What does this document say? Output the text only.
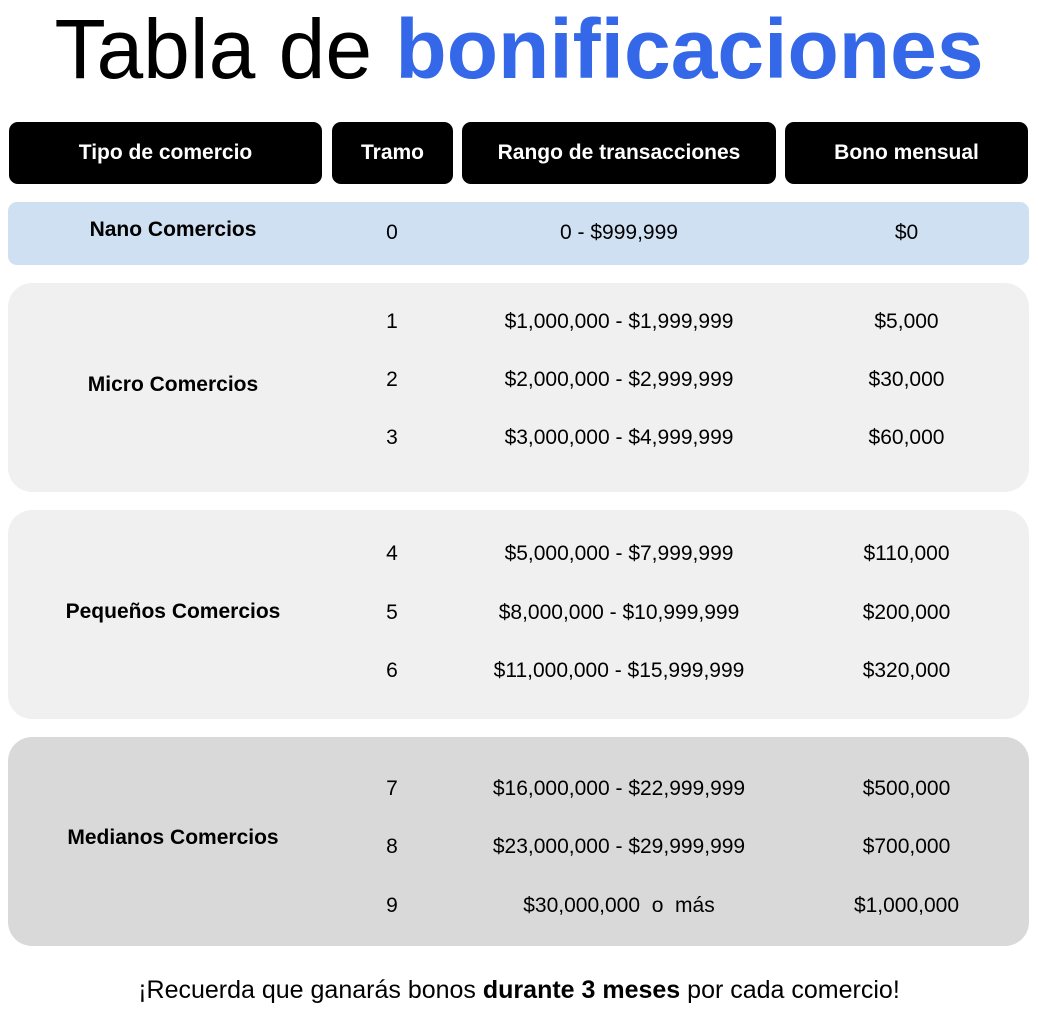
Tabla de bonificaciones
Tipo de comercio	Tramo	Rango de transacciones	Bono mensual
Nano Comercios	0	0 - $999,999	$0
Micro Comercios
1	$1,000,000 - $1,999,999	$5,000
2	$2,000,000 - $2,999,999	$30,000
3	$3,000,000 - $4,999,999	$60,000
Pequeños Comercios
4	$5,000,000 - $7,999,999	$110,000
5	$8,000,000 - $10,999,999	$200,000
6	$11,000,000 - $15,999,999	$320,000
Medianos Comercios
7	$16,000,000 - $22,999,999	$500,000
8	$23,000,000 - $29,999,999	$700,000
9	$30,000,000  o  más	$1,000,000
¡Recuerda que ganarás bonos durante 3 meses por cada comercio!
